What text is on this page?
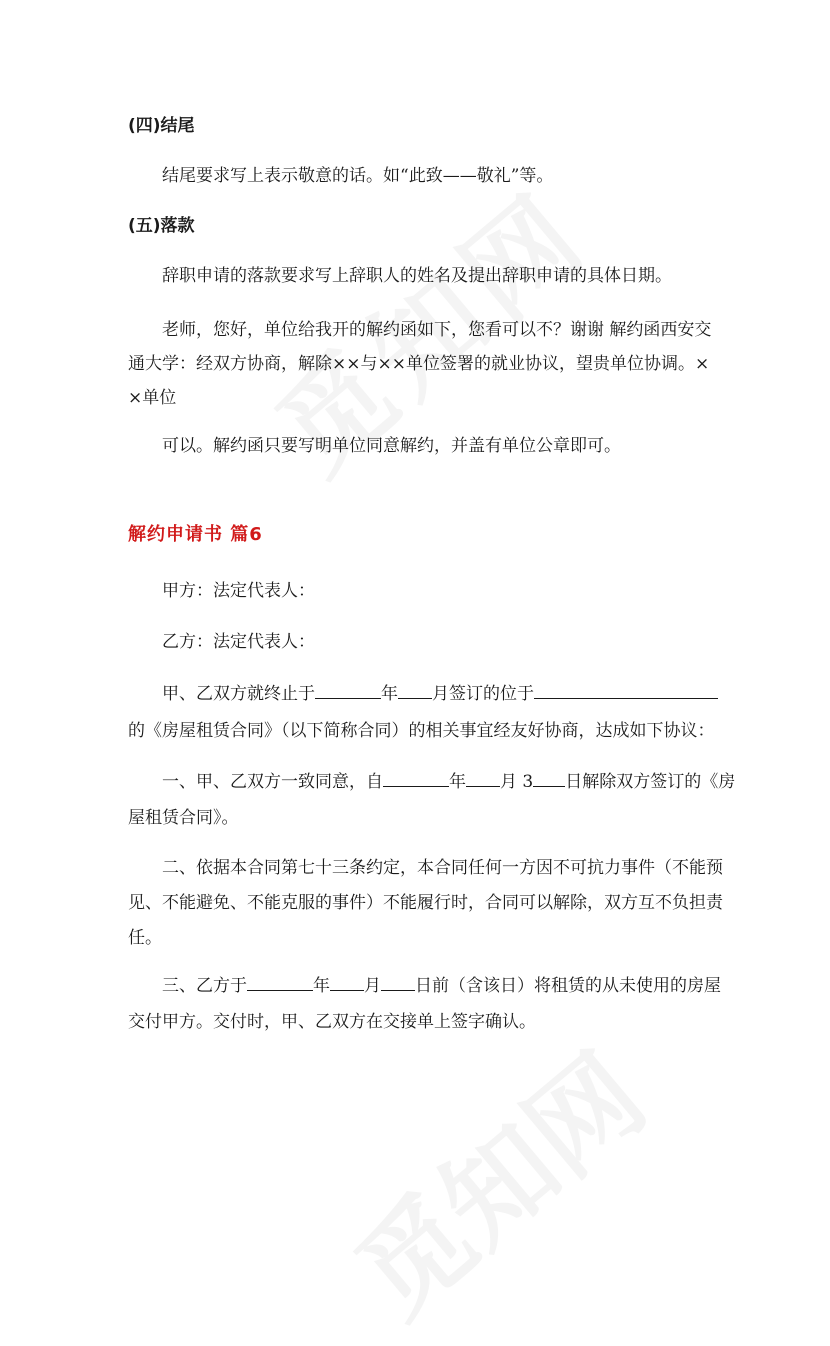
(四)结尾
结尾要求写上表示敬意的话。如“此致——敬礼”等。
(五)落款
辞职申请的落款要求写上辞职人的姓名及提出辞职申请的具体日期。
老师，您好，单位给我开的解约函如下，您看可以不？谢谢 解约函西安交
通大学：经双方协商，解除××与××单位签署的就业协议，望贵单位协调。×
×单位
可以。解约函只要写明单位同意解约，并盖有单位公章即可。
解约申请书 篇6
甲方：法定代表人：
乙方：法定代表人：
甲、乙双方就终止于	年 月签订的位于
的《房屋租赁合同》（以下简称合同）的相关事宜经友好协商，达成如下协议：
一、甲、乙双方一致同意，自	年 月 3 日解除双方签订的《房
屋租赁合同》。
二、依据本合同第七十三条约定，本合同任何一方因不可抗力事件（不能预
见、不能避免、不能克服的事件）不能履行时，合同可以解除，双方互不负担责
任。
三、乙方于	年 月 日前（含该日）将租赁的从未使用的房屋
交付甲方。交付时，甲、乙双方在交接单上签字确认。
